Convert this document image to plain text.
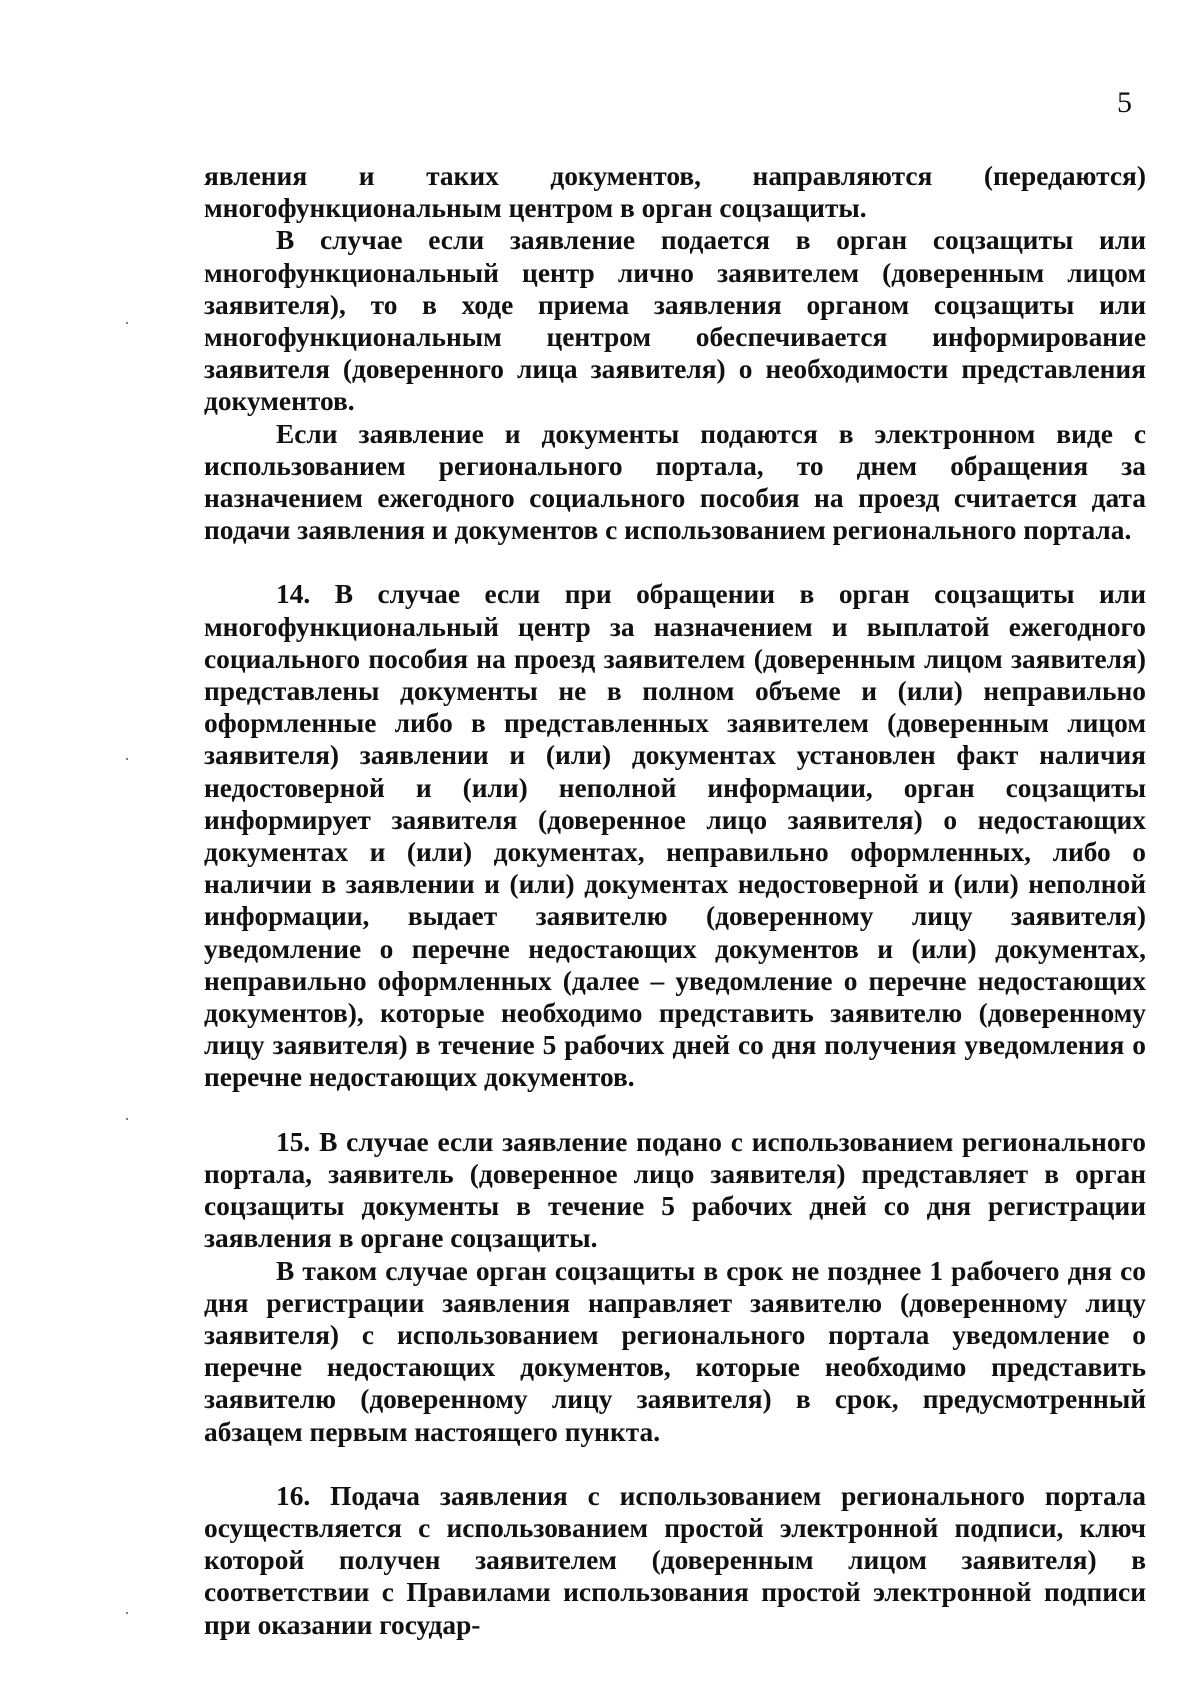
5

явления и таких документов, направляются (передаются) многофункциональным центром в орган соцзащиты.

В случае если заявление подается в орган соцзащиты или многофункциональный центр лично заявителем (доверенным лицом заявителя), то в ходе приема заявления органом соцзащиты или многофункциональным центром обеспечивается информирование заявителя (доверенного лица заявителя) о необходимости представления документов.

Если заявление и документы подаются в электронном виде с использованием регионального портала, то днем обращения за назначением ежегодного социального пособия на проезд считается дата подачи заявления и документов с использованием регионального портала.

14. В случае если при обращении в орган соцзащиты или многофункциональный центр за назначением и выплатой ежегодного социального пособия на проезд заявителем (доверенным лицом заявителя) представлены документы не в полном объеме и (или) неправильно оформленные либо в представленных заявителем (доверенным лицом заявителя) заявлении и (или) документах установлен факт наличия недостоверной и (или) неполной информации, орган соцзащиты информирует заявителя (доверенное лицо заявителя) о недостающих документах и (или) документах, неправильно оформленных, либо о наличии в заявлении и (или) документах недостоверной и (или) неполной информации, выдает заявителю (доверенному лицу заявителя) уведомление о перечне недостающих документов и (или) документах, неправильно оформленных (далее – уведомление о перечне недостающих документов), которые необходимо представить заявителю (доверенному лицу заявителя) в течение 5 рабочих дней со дня получения уведомления о перечне недостающих документов.

15. В случае если заявление подано с использованием регионального портала, заявитель (доверенное лицо заявителя) представляет в орган соцзащиты документы в течение 5 рабочих дней со дня регистрации заявления в органе соцзащиты.

В таком случае орган соцзащиты в срок не позднее 1 рабочего дня со дня регистрации заявления направляет заявителю (доверенному лицу заявителя) с использованием регионального портала уведомление о перечне недостающих документов, которые необходимо представить заявителю (доверенному лицу заявителя) в срок, предусмотренный абзацем первым настоящего пункта.

16. Подача заявления с использованием регионального портала осуществляется с использованием простой электронной подписи, ключ которой получен заявителем (доверенным лицом заявителя) в соответствии с Правилами использования простой электронной подписи при оказании государ-
